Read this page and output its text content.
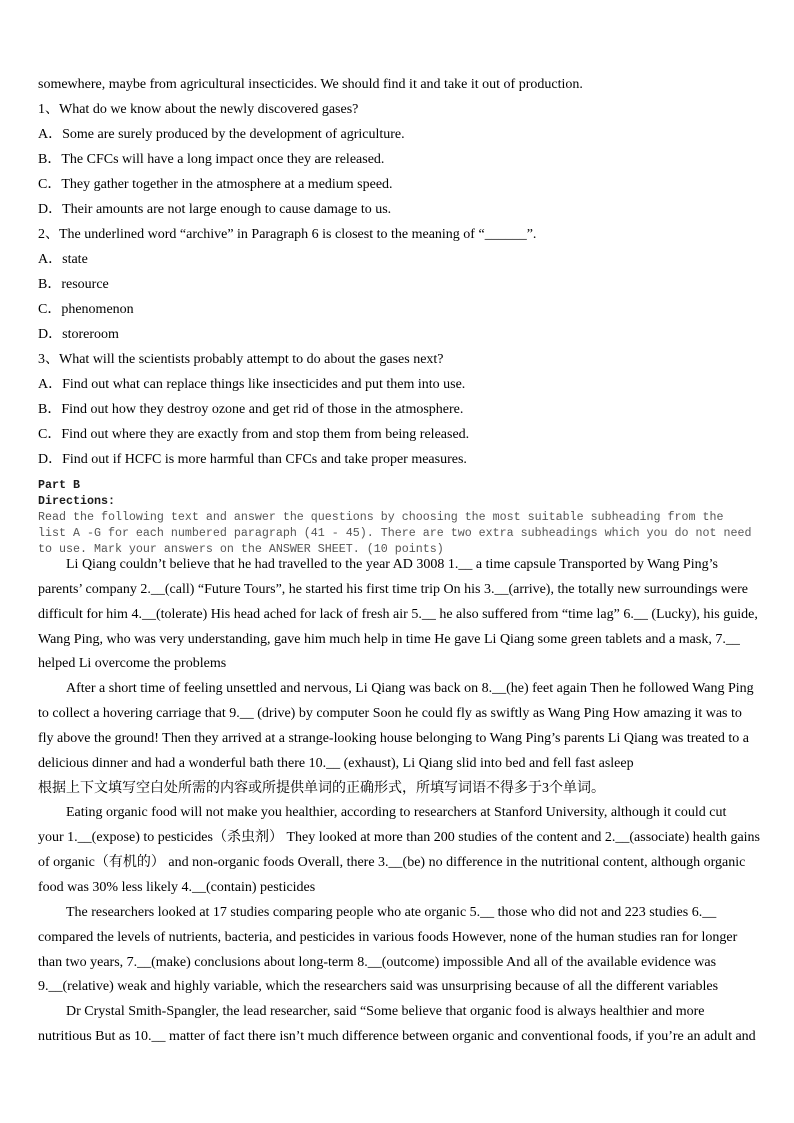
somewhere, maybe from agricultural insecticides. We should find it and take it out of production.
1、What do we know about the newly discovered gases?
A．Some are surely produced by the development of agriculture.
B．The CFCs will have a long impact once they are released.
C．They gather together in the atmosphere at a medium speed.
D．Their amounts are not large enough to cause damage to us.
2、The underlined word “archive” in Paragraph 6 is closest to the meaning of “______”.
A．state
B．resource
C．phenomenon
D．storeroom
3、What will the scientists probably attempt to do about the gases next?
A．Find out what can replace things like insecticides and put them into use.
B．Find out how they destroy ozone and get rid of those in the atmosphere.
C．Find out where they are exactly from and stop them from being released.
D．Find out if HCFC is more harmful than CFCs and take proper measures.
Part B
Directions:
Read the following text and answer the questions by choosing the most suitable subheading from the
list A -G for each numbered paragraph (41 - 45). There are two extra subheadings which you do not need
to use. Mark your answers on the ANSWER SHEET. (10 points)
Li Qiang couldn’t believe that he had travelled to the year AD 3008 1.__ a time capsule Transported by Wang Ping’s
parents’ company 2.__(call) “Future Tours”, he started his first time trip On his 3.__(arrive), the totally new surroundings were
difficult for him 4.__(tolerate) His head ached for lack of fresh air 5.__ he also suffered from “time lag” 6.__ (Lucky), his guide,
Wang Ping, who was very understanding, gave him much help in time He gave Li Qiang some green tablets and a mask, 7.__
helped Li overcome the problems
After a short time of feeling unsettled and nervous, Li Qiang was back on 8.__(he) feet again Then he followed Wang Ping
to collect a hovering carriage that 9.__ (drive) by computer Soon he could fly as swiftly as Wang Ping How amazing it was to
fly above the ground! Then they arrived at a strange-looking house belonging to Wang Ping’s parents Li Qiang was treated to a
delicious dinner and had a wonderful bath there 10.__ (exhaust), Li Qiang slid into bed and fell fast asleep
根据上下文填写空白处所需的内容或所提供单词的正确形式，所填写词语不得多于3个单词。
Eating organic food will not make you healthier, according to researchers at Stanford University, although it could cut
your 1.__(expose) to pesticides（杀虫剂） They looked at more than 200 studies of the content and 2.__(associate) health gains
of organic（有机的） and non-organic foods Overall, there 3.__(be) no difference in the nutritional content, although organic
food was 30% less likely 4.__(contain) pesticides
The researchers looked at 17 studies comparing people who ate organic 5.__ those who did not and 223 studies 6.__
compared the levels of nutrients, bacteria, and pesticides in various foods However, none of the human studies ran for longer
than two years, 7.__(make) conclusions about long-term 8.__(outcome) impossible And all of the available evidence was
9.__(relative) weak and highly variable, which the researchers said was unsurprising because of all the different variables
Dr Crystal Smith-Spangler, the lead researcher, said “Some believe that organic food is always healthier and more
nutritious But as 10.__ matter of fact there isn’t much difference between organic and conventional foods, if you’re an adult and
